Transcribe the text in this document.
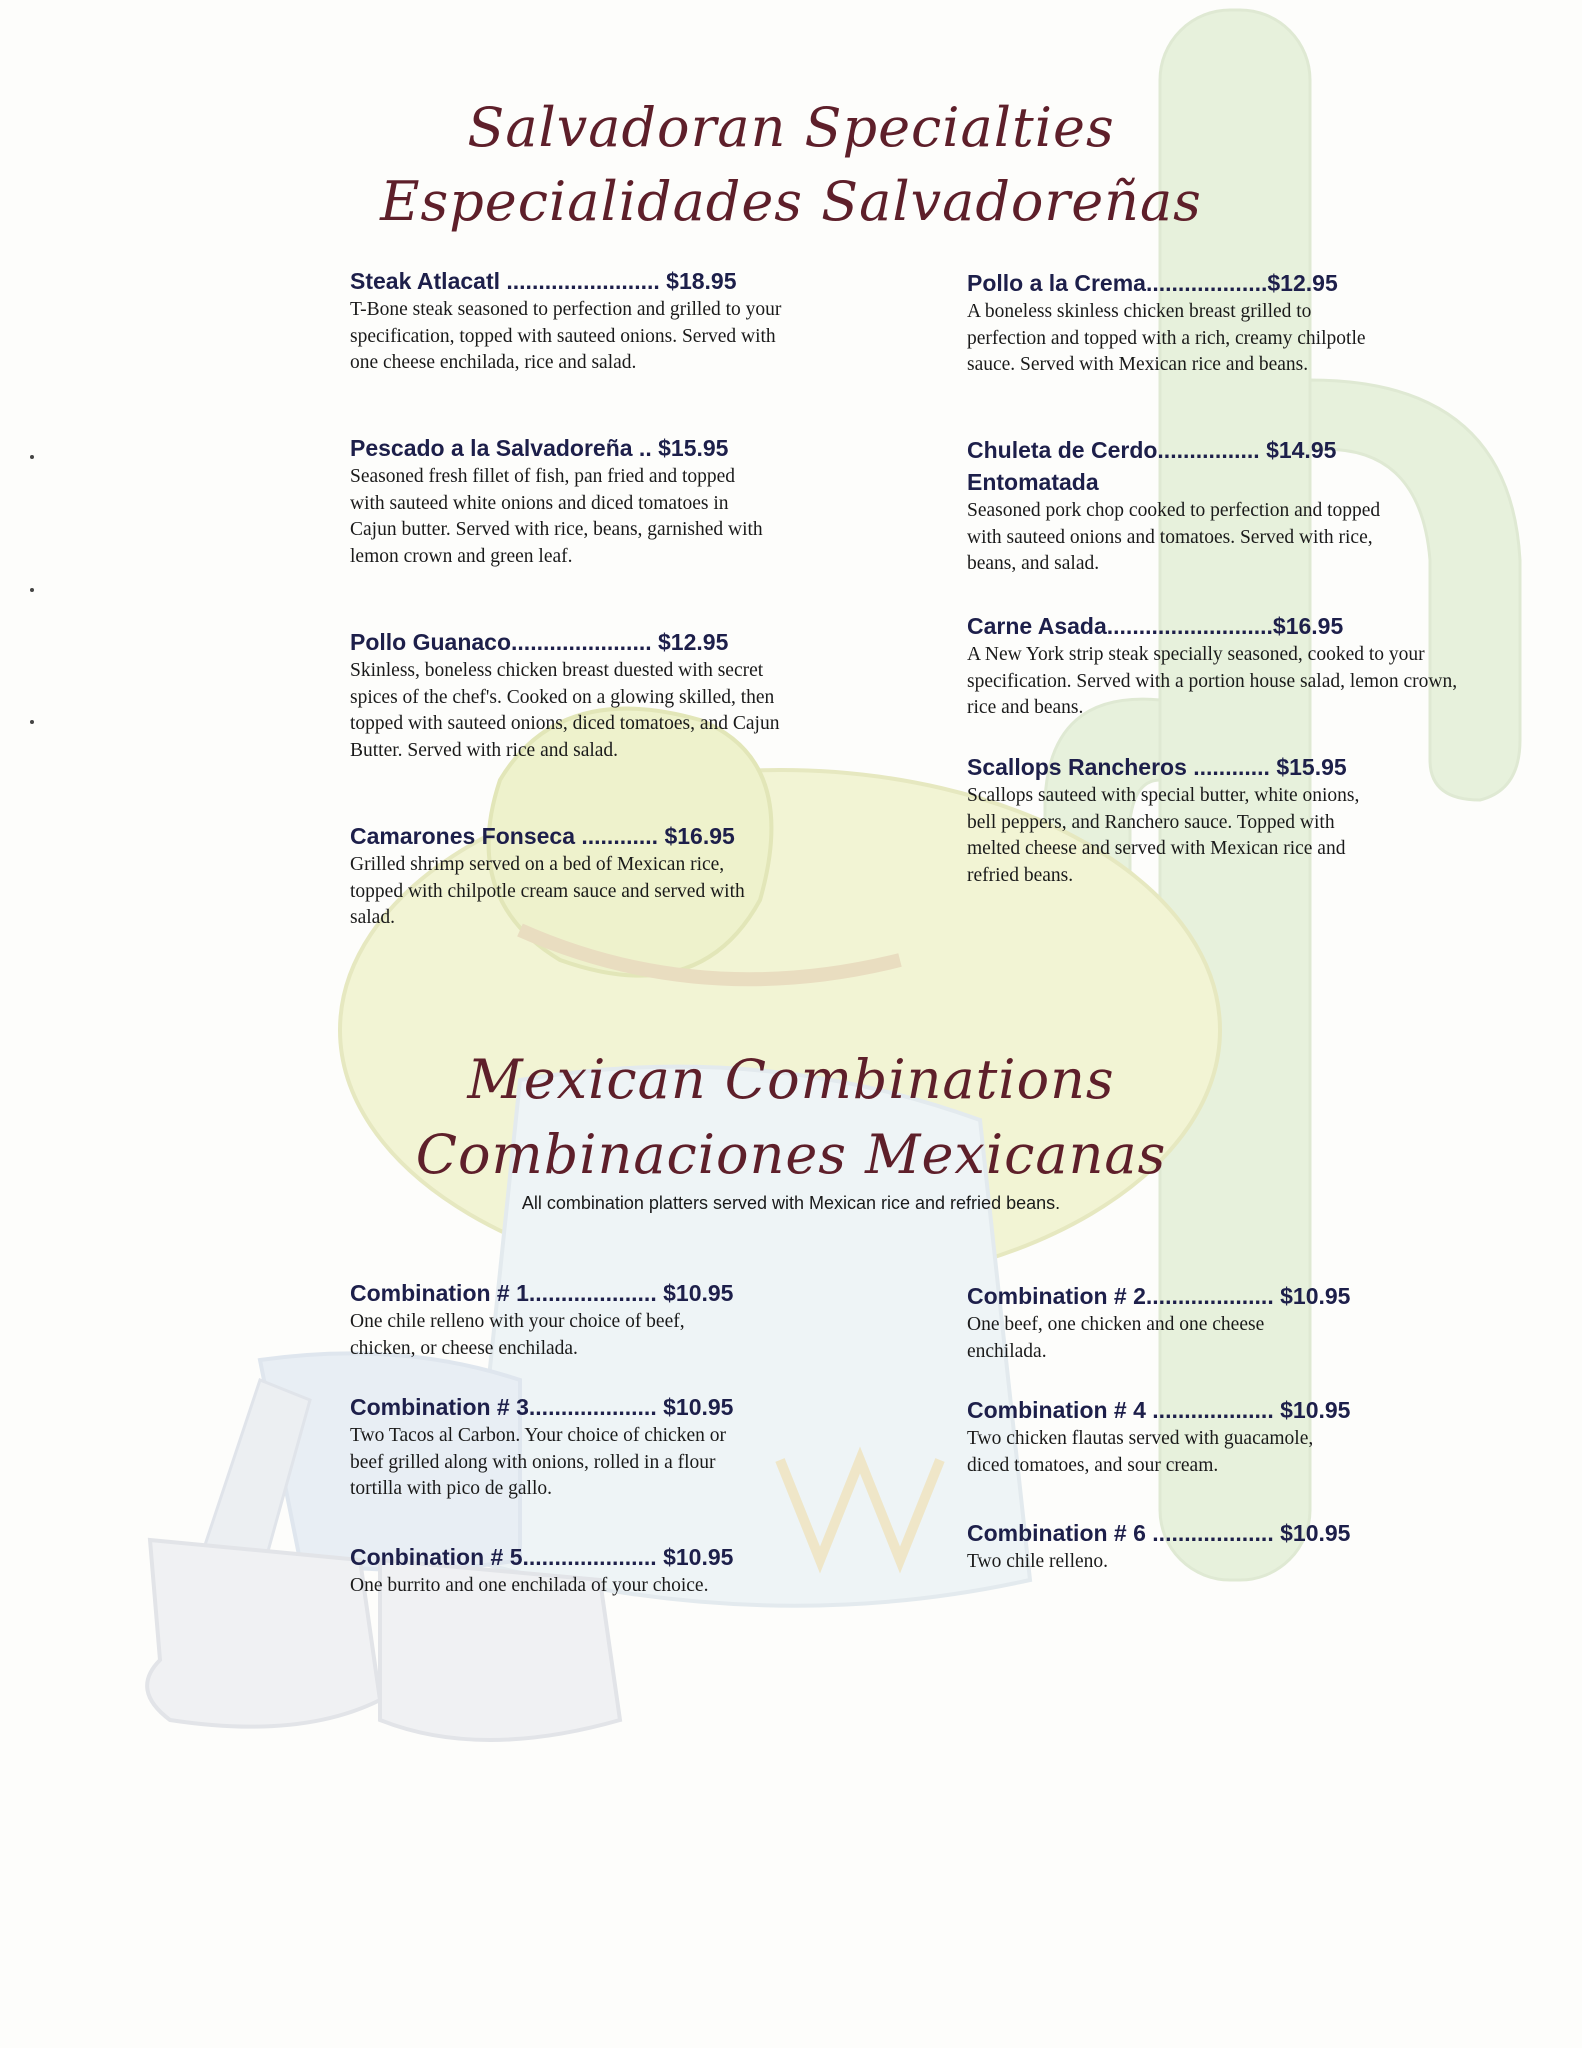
Salvadoran Specialties
Especialidades Salvadoreñas
Steak Atlacatl ........................ $18.95
T-Bone steak seasoned to perfection and grilled to your specification, topped with sauteed onions. Served with one cheese enchilada, rice and salad.
Pescado a la Salvadoreña .. $15.95
Seasoned fresh fillet of fish, pan fried and topped with sauteed white onions and diced tomatoes in Cajun butter. Served with rice, beans, garnished with lemon crown and green leaf.
Pollo Guanaco...................... $12.95
Skinless, boneless chicken breast duested with secret spices of the chef's. Cooked on a glowing skilled, then topped with sauteed onions, diced tomatoes, and Cajun Butter. Served with rice and salad.
Camarones Fonseca ............ $16.95
Grilled shrimp served on a bed of Mexican rice, topped with chilpotle cream sauce and served with salad.
Pollo a la Crema...................$12.95
A boneless skinless chicken breast grilled to perfection and topped with a rich, creamy chilpotle sauce. Served with Mexican rice and beans.
Chuleta de Cerdo................ $14.95
Entomatada
Seasoned pork chop cooked to perfection and topped with sauteed onions and tomatoes. Served with rice, beans, and salad.
Carne Asada..........................$16.95
A New York strip steak specially seasoned, cooked to your specification. Served with a portion house salad, lemon crown, rice and beans.
Scallops Rancheros ............ $15.95
Scallops sauteed with special butter, white onions, bell peppers, and Ranchero sauce. Topped with melted cheese and served with Mexican rice and refried beans.
Mexican Combinations
Combinaciones Mexicanas
All combination platters served with Mexican rice and refried beans.
Combination # 1.................... $10.95
One chile relleno with your choice of beef, chicken, or cheese enchilada.
Combination # 3.................... $10.95
Two Tacos al Carbon. Your choice of chicken or beef grilled along with onions, rolled in a flour tortilla with pico de gallo.
Conbination # 5..................... $10.95
One burrito and one enchilada of your choice.
Combination # 2.................... $10.95
One beef, one chicken and one cheese enchilada.
Combination # 4 ................... $10.95
Two chicken flautas served with guacamole, diced tomatoes, and sour cream.
Combination # 6 ................... $10.95
Two chile relleno.
